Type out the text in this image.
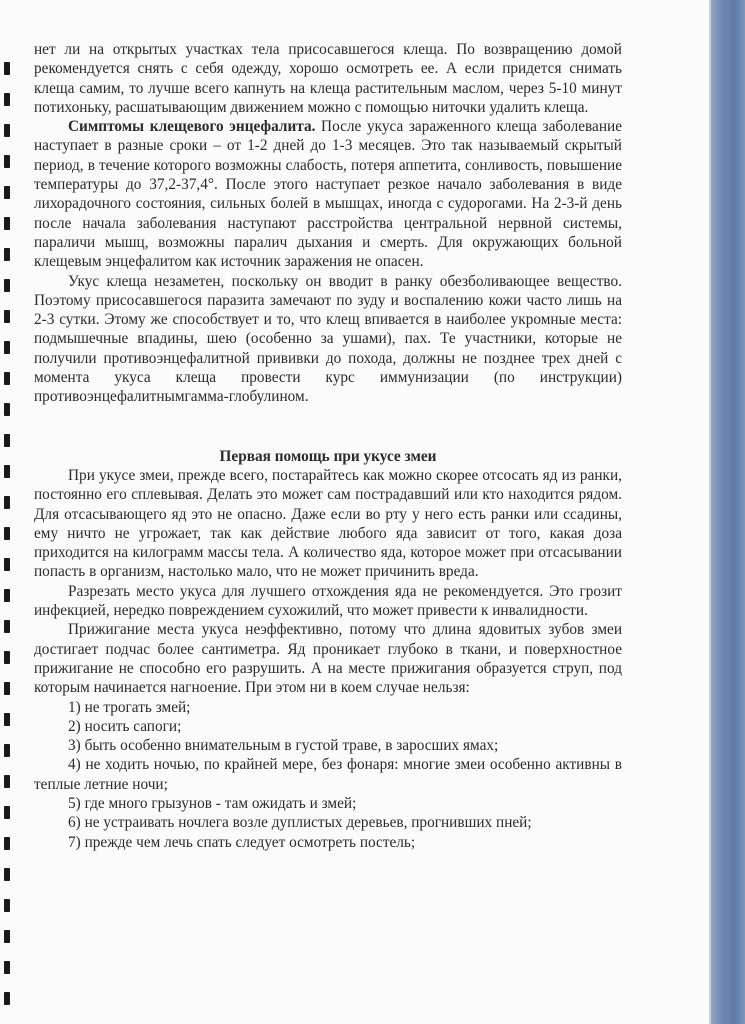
нет ли на открытых участках тела присосавшегося клеща. По возвращению домой рекомендуется снять с себя одежду, хорошо осмотреть ее. А если придется снимать клеща самим, то лучше всего капнуть на клеща растительным маслом, через 5-10 минут потихоньку, расшатывающим движением можно с помощью ниточки удалить клеща.

Симптомы клещевого энцефалита. После укуса зараженного клеща заболевание наступает в разные сроки – от 1-2 дней до 1-3 месяцев. Это так называемый скрытый период, в течение которого возможны слабость, потеря аппетита, сонливость, повышение температуры до 37,2-37,4°. После этого наступает резкое начало заболевания в виде лихорадочного состояния, сильных болей в мышцах, иногда с судорогами. На 2-3-й день после начала заболевания наступают расстройства центральной нервной системы, параличи мышц, возможны паралич дыхания и смерть. Для окружающих больной клещевым энцефалитом как источник заражения не опасен.

Укус клеща незаметен, поскольку он вводит в ранку обезболивающее вещество. Поэтому присосавшегося паразита замечают по зуду и воспалению кожи часто лишь на 2-3 сутки. Этому же способствует и то, что клещ впивается в наиболее укромные места: подмышечные впадины, шею (особенно за ушами), пах. Те участники, которые не получили противоэнцефалитной прививки до похода, должны не позднее трех дней с момента укуса клеща провести курс иммунизации (по инструкции) противоэнцефалитнымгамма-глобулином.

Первая помощь при укусе змеи

При укусе змеи, прежде всего, постарайтесь как можно скорее отсосать яд из ранки, постоянно его сплевывая. Делать это может сам пострадавший или кто находится рядом. Для отсасывающего яд это не опасно. Даже если во рту у него есть ранки или ссадины, ему ничто не угрожает, так как действие любого яда зависит от того, какая доза приходится на килограмм массы тела. А количество яда, которое может при отсасывании попасть в организм, настолько мало, что не может причинить вреда.

Разрезать место укуса для лучшего отхождения яда не рекомендуется. Это грозит инфекцией, нередко повреждением сухожилий, что может привести к инвалидности.

Прижигание места укуса неэффективно, потому что длина ядовитых зубов змеи достигает подчас более сантиметра. Яд проникает глубоко в ткани, и поверхностное прижигание не способно его разрушить. А на месте прижигания образуется струп, под которым начинается нагноение. При этом ни в коем случае нельзя:

1) не трогать змей;

2) носить сапоги;

3) быть особенно внимательным в густой траве, в заросших ямах;

4) не ходить ночью, по крайней мере, без фонаря: многие змеи особенно активны в теплые летние ночи;

5) где много грызунов - там ожидать и змей;

6) не устраивать ночлега возле дуплистых деревьев, прогнивших пней;

7) прежде чем лечь спать следует осмотреть постель;
